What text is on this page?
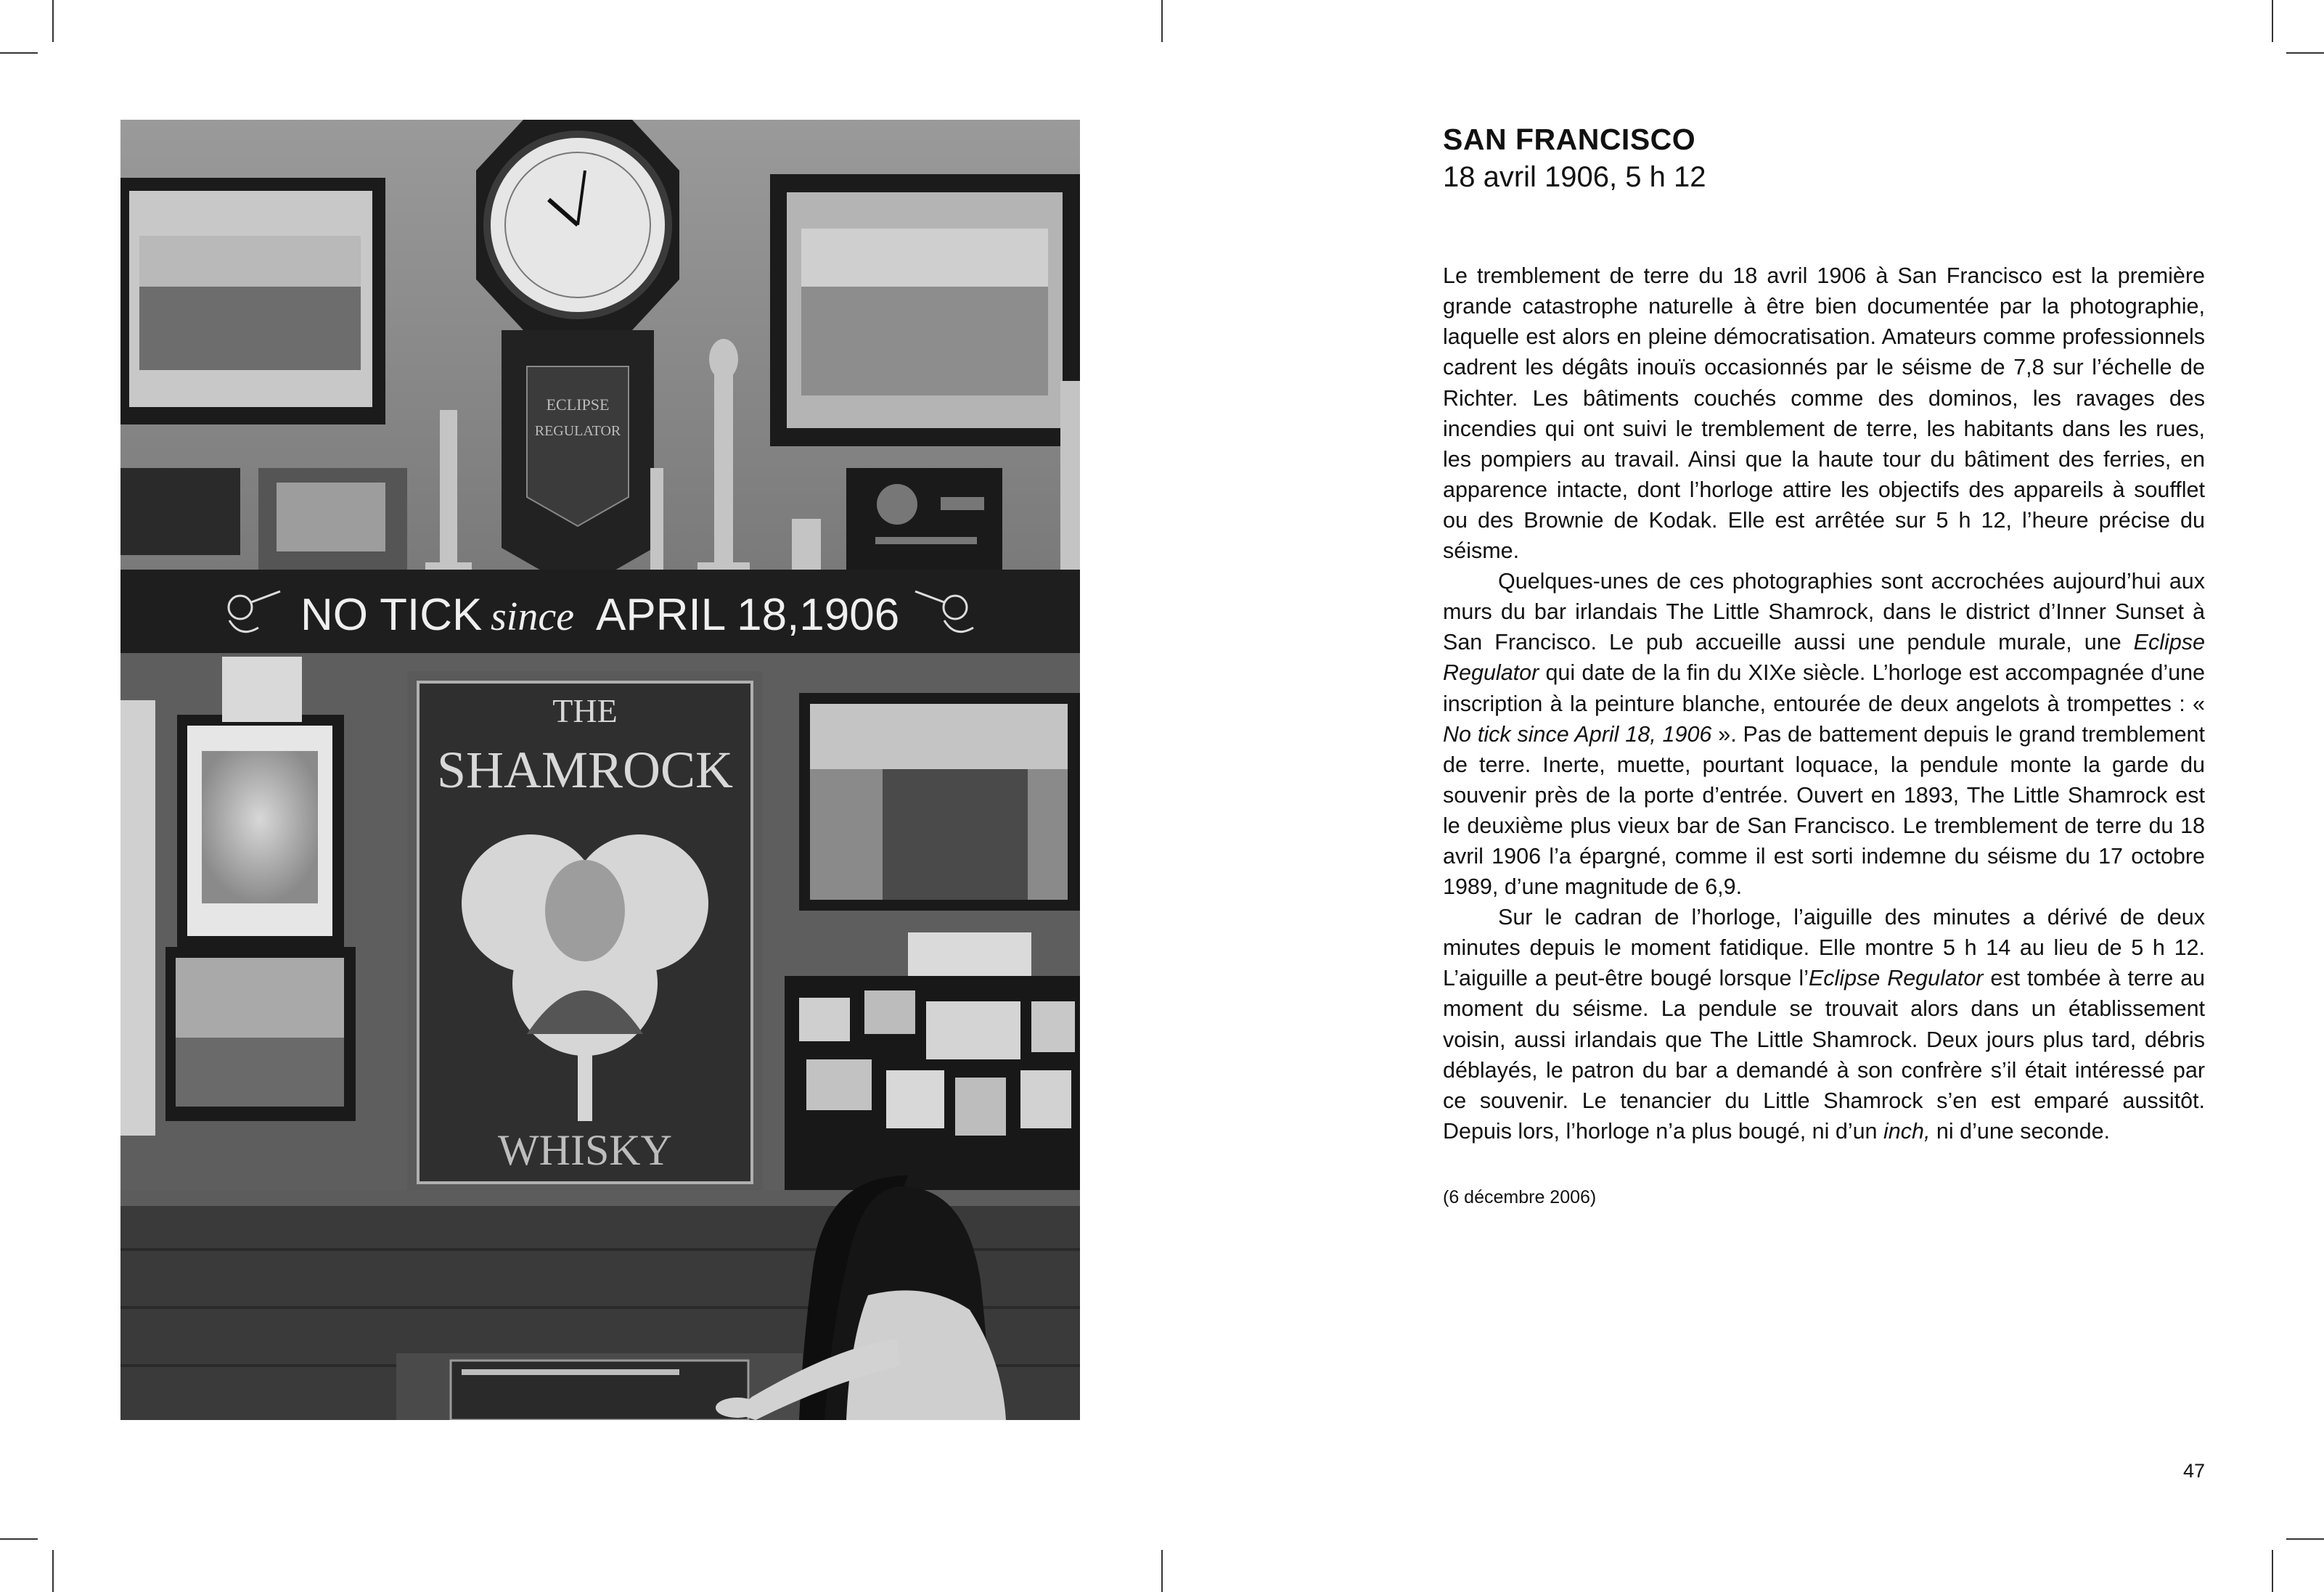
ECLIPSE
REGULATOR
NO TICK since APRIL 18,1906
THE
SHAMROCK
WHISKY
SAN FRANCISCO
18 avril 1906, 5 h 12

Le tremblement de terre du 18 avril 1906 à San Francisco est la première grande catastrophe naturelle à être bien documentée par la photographie, laquelle est alors en pleine démocratisation. Amateurs comme professionnels cadrent les dégâts inouïs occasionnés par le séisme de 7,8 sur l’échelle de Richter. Les bâtiments couchés comme des dominos, les ravages des incendies qui ont suivi le tremblement de terre, les habitants dans les rues, les pompiers au travail. Ainsi que la haute tour du bâtiment des ferries, en apparence intacte, dont l’horloge attire les objectifs des appareils à soufflet ou des Brownie de Kodak. Elle est arrêtée sur 5 h 12, l’heure précise du séisme.

Quelques-unes de ces photographies sont accrochées aujourd’hui aux murs du bar irlandais The Little Shamrock, dans le district d’Inner Sunset à San Francisco. Le pub accueille aussi une pendule murale, une Eclipse Regulator qui date de la fin du XIXe siècle. L’horloge est accompagnée d’une inscription à la peinture blanche, entourée de deux angelots à trompettes : « No tick since April 18, 1906 ». Pas de battement depuis le grand tremblement de terre. Inerte, muette, pourtant loquace, la pendule monte la garde du souvenir près de la porte d’entrée. Ouvert en 1893, The Little Shamrock est le deuxième plus vieux bar de San Francisco. Le tremblement de terre du 18 avril 1906 l’a épargné, comme il est sorti indemne du séisme du 17 octobre 1989, d’une magnitude de 6,9.

Sur le cadran de l’horloge, l’aiguille des minutes a dérivé de deux minutes depuis le moment fatidique. Elle montre 5 h 14 au lieu de 5 h 12. L’aiguille a peut-être bougé lorsque l’Eclipse Regulator est tombée à terre au moment du séisme. La pendule se trouvait alors dans un établissement voisin, aussi irlandais que The Little Shamrock. Deux jours plus tard, débris déblayés, le patron du bar a demandé à son confrère s’il était intéressé par ce souvenir. Le tenancier du Little Shamrock s’en est emparé aussitôt. Depuis lors, l’horloge n’a plus bougé, ni d’un inch, ni d’une seconde.

(6 décembre 2006)
47
